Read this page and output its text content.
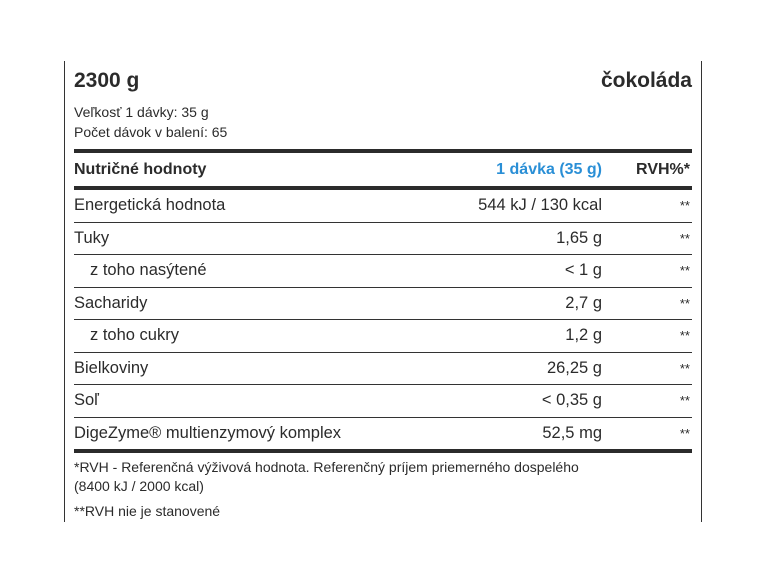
2300 g	čokoláda
Veľkosť 1 dávky: 35 g
Počet dávok v balení: 65
Nutričné hodnoty	1 dávka (35 g)	RVH%*
Energetická hodnota	544 kJ / 130 kcal	**
Tuky	1,65 g	**
z toho nasýtené	< 1 g	**
Sacharidy	2,7 g	**
z toho cukry	1,2 g	**
Bielkoviny	26,25 g	**
Soľ	< 0,35 g	**
DigeZyme® multienzymový komplex	52,5 mg	**
*RVH - Referenčná výživová hodnota. Referenčný príjem priemerného dospelého
(8400 kJ / 2000 kcal)
**RVH nie je stanovené
